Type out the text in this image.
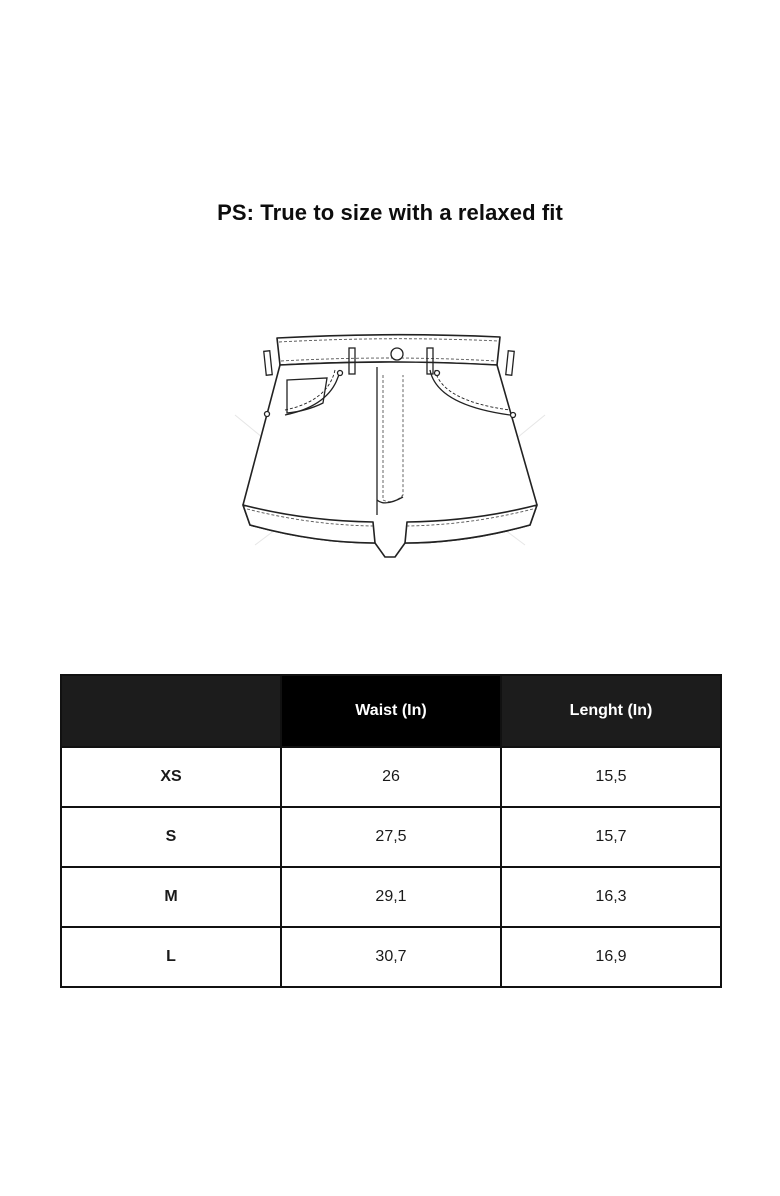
PS: True to size with a relaxed fit
	Waist (In)	Lenght (In)
XS	26	15,5
S	27,5	15,7
M	29,1	16,3
L	30,7	16,9
